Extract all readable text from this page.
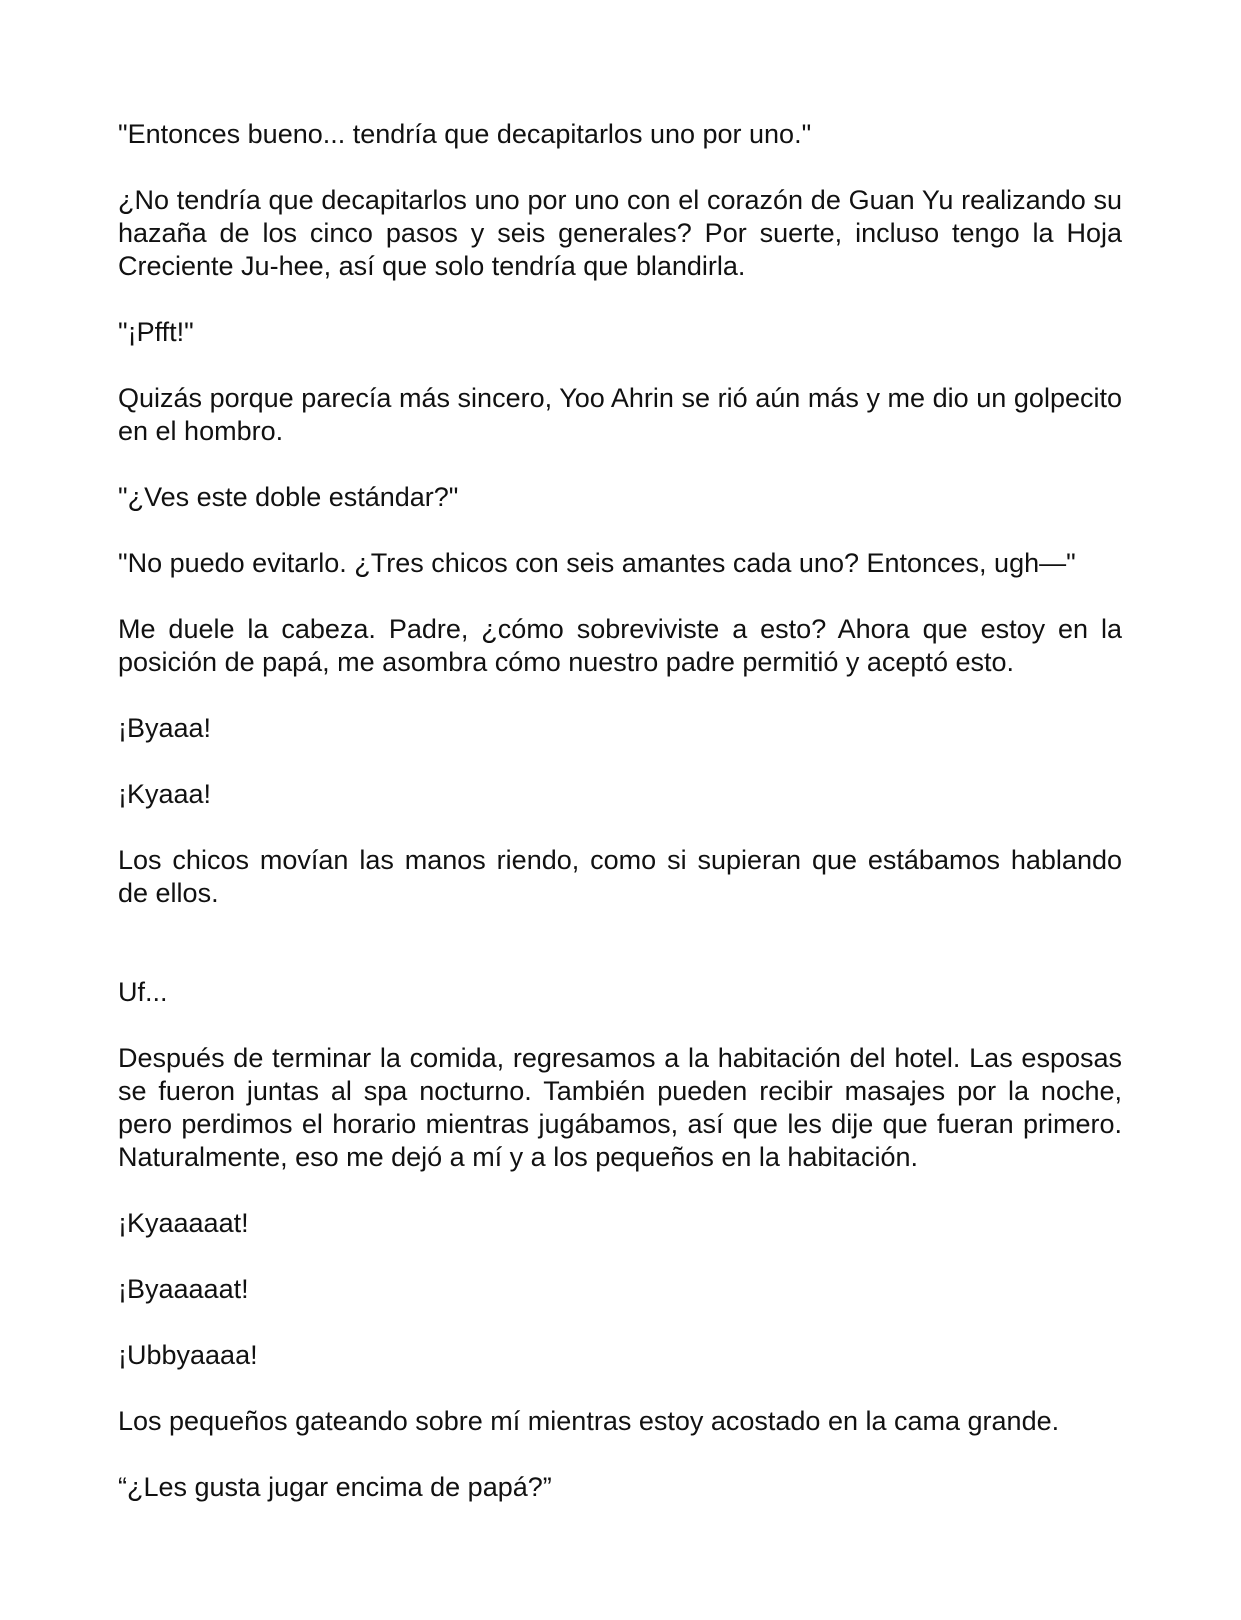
"Entonces bueno... tendría que decapitarlos uno por uno."

¿No tendría que decapitarlos uno por uno con el corazón de Guan Yu realizando su hazaña de los cinco pasos y seis generales? Por suerte, incluso tengo la Hoja Creciente Ju-hee, así que solo tendría que blandirla.

"¡Pfft!"

Quizás porque parecía más sincero, Yoo Ahrin se rió aún más y me dio un golpecito en el hombro.

"¿Ves este doble estándar?"

"No puedo evitarlo. ¿Tres chicos con seis amantes cada uno? Entonces, ugh—"

Me duele la cabeza. Padre, ¿cómo sobreviviste a esto? Ahora que estoy en la posición de papá, me asombra cómo nuestro padre permitió y aceptó esto.

¡Byaaa!

¡Kyaaa!

Los chicos movían las manos riendo, como si supieran que estábamos hablando de ellos.

Uf...

Después de terminar la comida, regresamos a la habitación del hotel. Las esposas se fueron juntas al spa nocturno. También pueden recibir masajes por la noche, pero perdimos el horario mientras jugábamos, así que les dije que fueran primero. Naturalmente, eso me dejó a mí y a los pequeños en la habitación.

¡Kyaaaaat!

¡Byaaaaat!

¡Ubbyaaaa!

Los pequeños gateando sobre mí mientras estoy acostado en la cama grande.

“¿Les gusta jugar encima de papá?”
